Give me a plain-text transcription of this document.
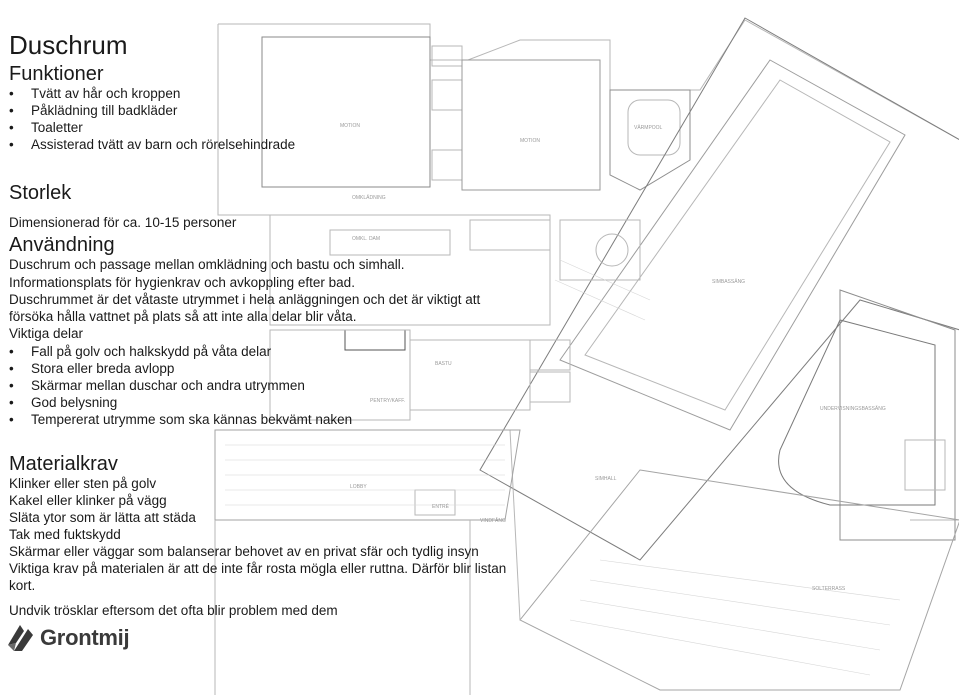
MOTION
MOTION
VÄRMPOOL
OMKLÄDNING
OMKL. DAM
BASTU
SIMHALL
UNDERVISNINGSBASSÄNG
SOLTERRASS
ENTRÉ
LOBBY
PENTRY/KAFF.
VINDFÅNG
SIMBASSÄNG
Duschrum
Funktioner
• Tvätt av hår och kroppen
• Påklädning till badkläder
• Toaletter
• Assisterad tvätt av barn och rörelsehindrade
Storlek
Dimensionerad för ca. 10-15 personer
Användning
Duschrum och passage mellan omklädning och bastu och simhall.
Informationsplats för hygienkrav och avkoppling efter bad.
Duschrummet är det våtaste utrymmet i hela anläggningen och det är viktigt att
försöka hålla vattnet på plats så att inte alla delar blir våta.
Viktiga delar
• Fall på golv och halkskydd på våta delar
• Stora eller breda avlopp
• Skärmar mellan duschar och andra utrymmen
• God belysning
• Tempererat utrymme som ska kännas bekvämt naken
Materialkrav
Klinker eller sten på golv
Kakel eller klinker på vägg
Släta ytor som är lätta att städa
Tak med fuktskydd
Skärmar eller väggar som balanserar behovet av en privat sfär och tydlig insyn
Viktiga krav på materialen är att de inte får rosta mögla eller ruttna. Därför blir listan
kort.
Undvik trösklar eftersom det ofta blir problem med dem
Grontmij
